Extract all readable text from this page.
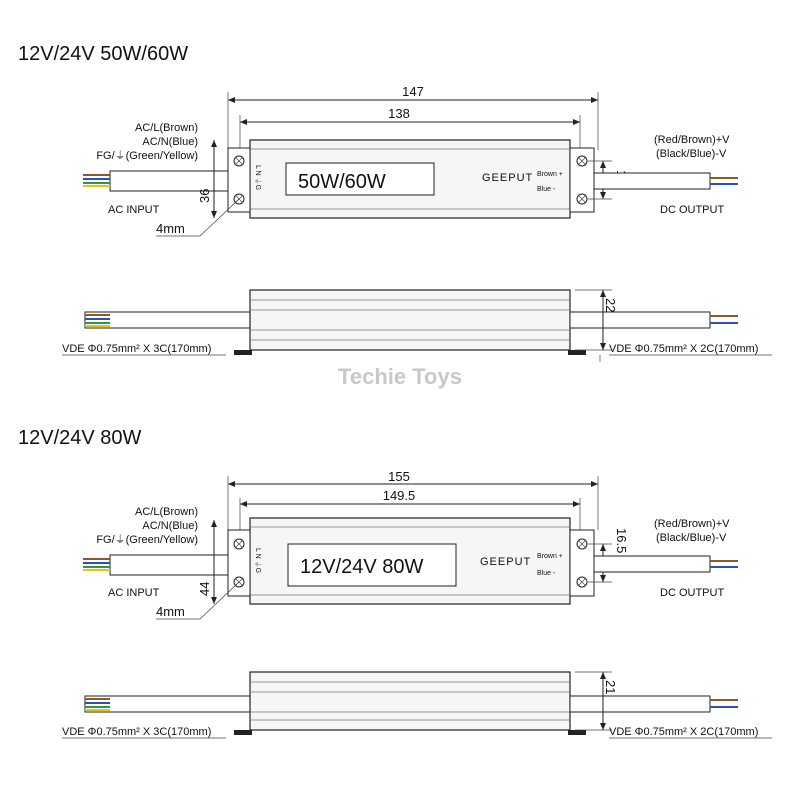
12V/24V 50W/60W
147
138
AC/L(Brown)
AC/N(Blue)
FG/⏚(Green/Yellow)
AC INPUT
36
50W/60W	GEEPUT Brown +
Blue -
L N ⏚G
4mm
(Red/Brown)+V
(Black/Blue)-V
DC OUTPUT
22
VDE Φ0.75mm² X 3C(170mm)	VDE Φ0.75mm² X 2C(170mm)
Techie Toys
12V/24V 80W
155
149.5
AC/L(Brown)
AC/N(Blue)
FG/⏚(Green/Yellow)
AC INPUT	44
12V/24V 80W	GEEPUT Brown +
Blue -
L N ⏚G
4mm
16.5
(Red/Brown)+V
(Black/Blue)-V
DC OUTPUT
21
VDE Φ0.75mm² X 3C(170mm)	VDE Φ0.75mm² X 2C(170mm)
